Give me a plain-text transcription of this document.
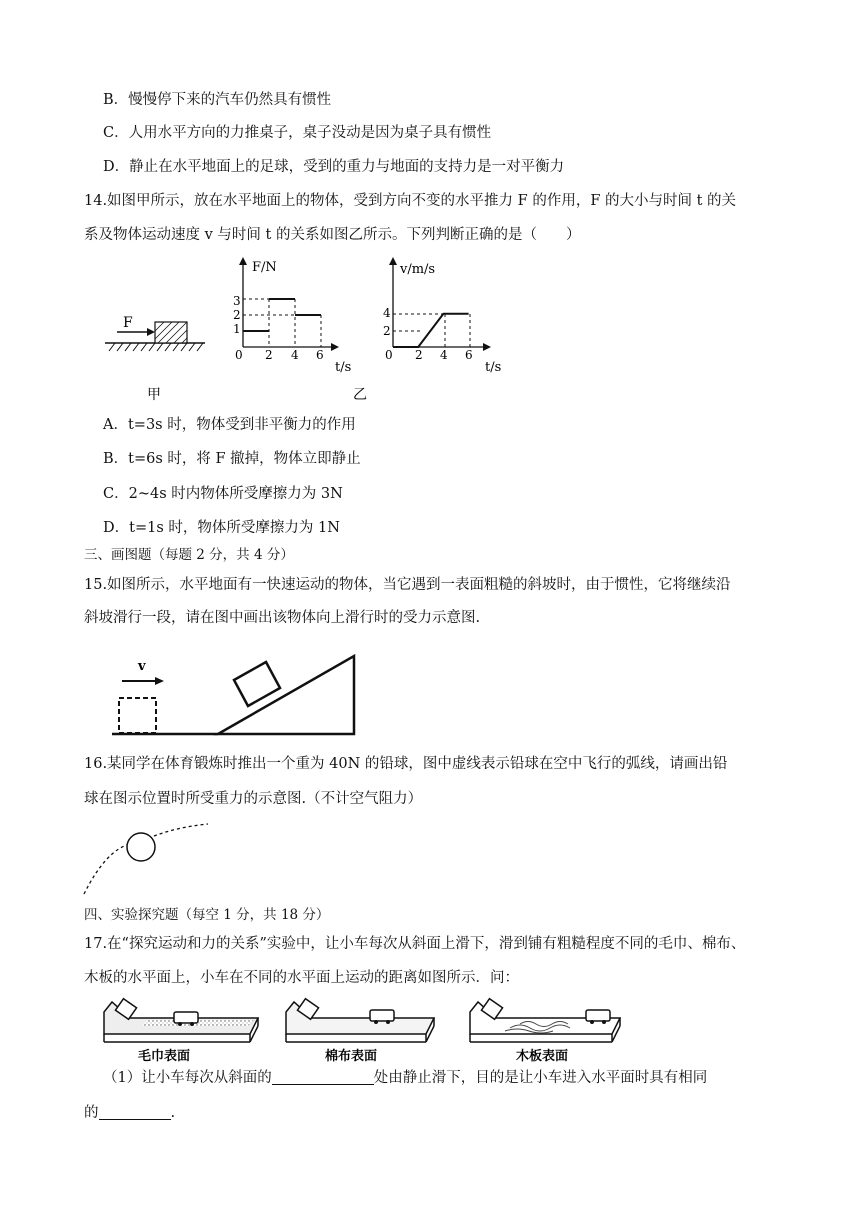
B．慢慢停下来的汽车仍然具有惯性
C．人用水平方向的力推桌子，桌子没动是因为桌子具有惯性
D．静止在水平地面上的足球，受到的重力与地面的支持力是一对平衡力
14.如图甲所示，放在水平地面上的物体，受到方向不变的水平推力 F 的作用，F 的大小与时间 t 的关
系及物体运动速度 v 与时间 t 的关系如图乙所示。下列判断正确的是（　　）
F
甲
F/N
t/s
0 2 4 6
1
2
3
v/m/s
t/s
0 2 4 6
2
4
乙
A．t=3s 时，物体受到非平衡力的作用
B．t=6s 时，将 F 撤掉，物体立即静止
C．2~4s 时内物体所受摩擦力为 3N
D．t=1s 时，物体所受摩擦力为 1N
三、画图题（每题 2 分，共 4 分）
15.如图所示，水平地面有一快速运动的物体，当它遇到一表面粗糙的斜坡时，由于惯性，它将继续沿
斜坡滑行一段，请在图中画出该物体向上滑行时的受力示意图.
v
16.某同学在体育锻炼时推出一个重为 40N 的铅球，图中虚线表示铅球在空中飞行的弧线，请画出铅
球在图示位置时所受重力的示意图.（不计空气阻力）
四、实验探究题（每空 1 分，共 18 分）
17.在“探究运动和力的关系”实验中，让小车每次从斜面上滑下，滑到铺有粗糙程度不同的毛巾、棉布、
木板的水平面上，小车在不同的水平面上运动的距离如图所示．问：
毛巾表面	棉布表面	木板表面
（1）让小车每次从斜面的	处由静止滑下，目的是让小车进入水平面时具有相同
的	.
